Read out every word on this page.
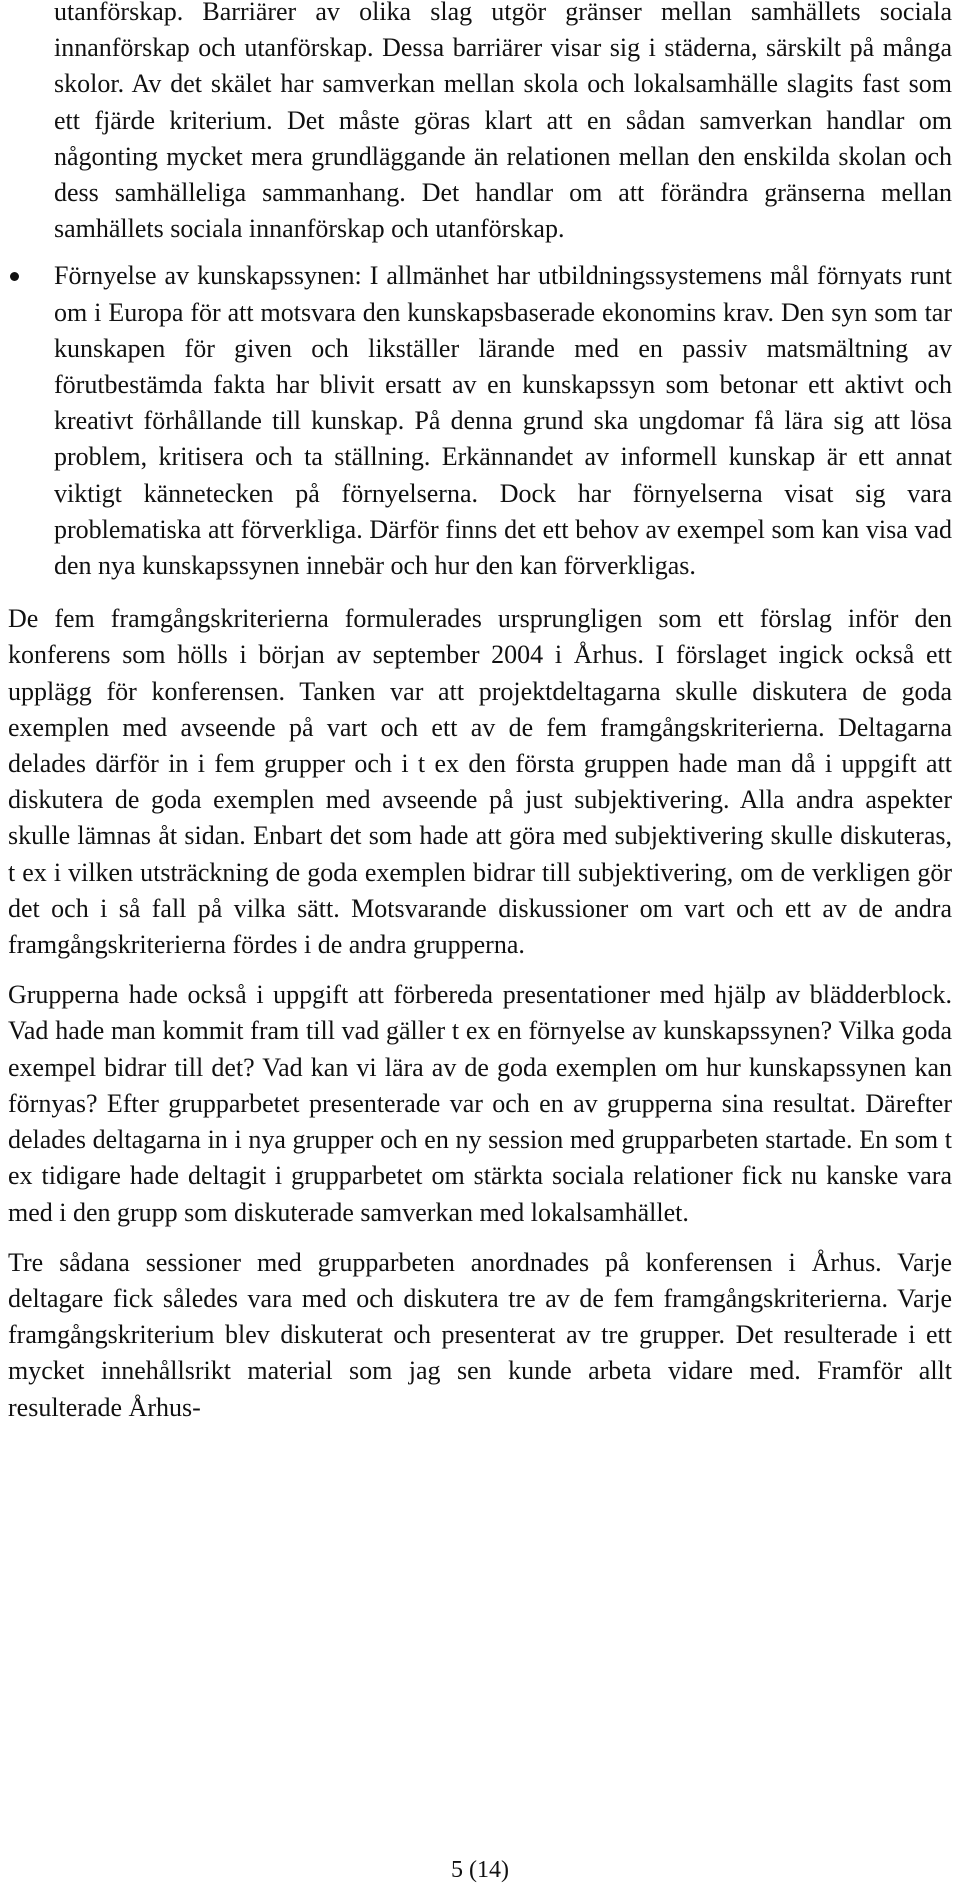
utanförskap. Barriärer av olika slag utgör gränser mellan samhällets sociala innanförskap och utanförskap. Dessa barriärer visar sig i städerna, särskilt på många skolor. Av det skälet har samverkan mellan skola och lokalsamhälle slagits fast som ett fjärde kriterium. Det måste göras klart att en sådan samverkan handlar om någonting mycket mera grundläggande än relationen mellan den enskilda skolan och dess samhälleliga sammanhang. Det handlar om att förändra gränserna mellan samhällets sociala innanförskap och utanförskap.

Förnyelse av kunskapssynen: I allmänhet har utbildningssystemens mål förnyats runt om i Europa för att motsvara den kunskapsbaserade ekonomins krav. Den syn som tar kunskapen för given och likställer lärande med en passiv matsmältning av förutbestämda fakta har blivit ersatt av en kunskapssyn som betonar ett aktivt och kreativt förhållande till kunskap. På denna grund ska ungdomar få lära sig att lösa problem, kritisera och ta ställning. Erkännandet av informell kunskap är ett annat viktigt kännetecken på förnyelserna. Dock har förnyelserna visat sig vara problematiska att förverkliga. Därför finns det ett behov av exempel som kan visa vad den nya kunskapssynen innebär och hur den kan förverkligas.

De fem framgångskriterierna formulerades ursprungligen som ett förslag inför den konferens som hölls i början av september 2004 i Århus. I förslaget ingick också ett upplägg för konferensen. Tanken var att projektdeltagarna skulle diskutera de goda exemplen med avseende på vart och ett av de fem framgångskriterierna. Deltagarna delades därför in i fem grupper och i t ex den första gruppen hade man då i uppgift att diskutera de goda exemplen med avseende på just subjektivering. Alla andra aspekter skulle lämnas åt sidan. Enbart det som hade att göra med subjektivering skulle diskuteras, t ex i vilken utsträckning de goda exemplen bidrar till subjektivering, om de verkligen gör det och i så fall på vilka sätt. Motsvarande diskussioner om vart och ett av de andra framgångskriterierna fördes i de andra grupperna.

Grupperna hade också i uppgift att förbereda presentationer med hjälp av blädderblock. Vad hade man kommit fram till vad gäller t ex en förnyelse av kunskapssynen? Vilka goda exempel bidrar till det? Vad kan vi lära av de goda exemplen om hur kunskapssynen kan förnyas? Efter grupparbetet presenterade var och en av grupperna sina resultat. Därefter delades deltagarna in i nya grupper och en ny session med grupparbeten startade. En som t ex tidigare hade deltagit i grupparbetet om stärkta sociala relationer fick nu kanske vara med i den grupp som diskuterade samverkan med lokalsamhället.

Tre sådana sessioner med grupparbeten anordnades på konferensen i Århus. Varje deltagare fick således vara med och diskutera tre av de fem framgångskriterierna. Varje framgångskriterium blev diskuterat och presenterat av tre grupper. Det resulterade i ett mycket innehållsrikt material som jag sen kunde arbeta vidare med. Framför allt resulterade Århus-

5 (14)
